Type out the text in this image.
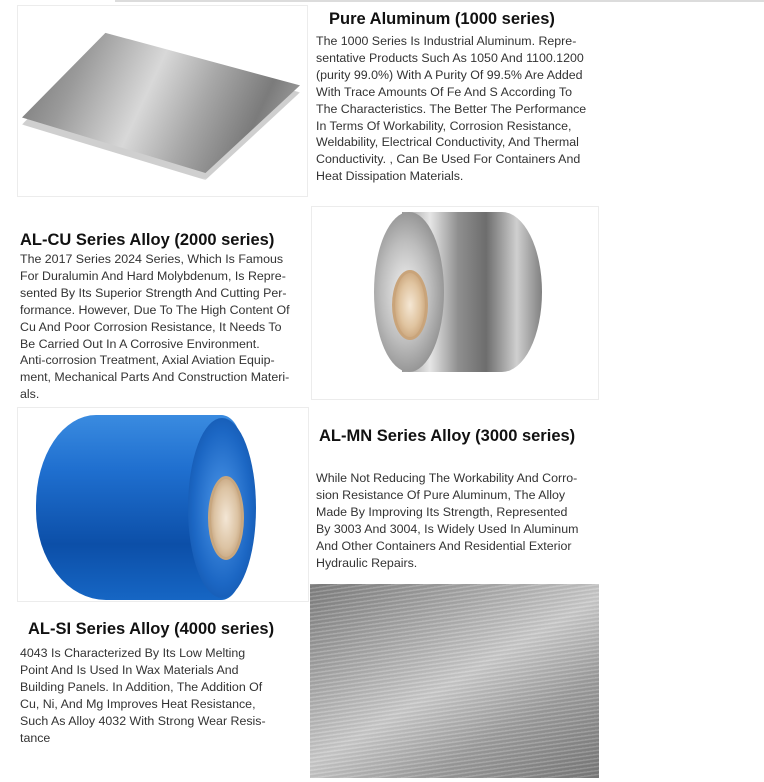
Pure Aluminum (1000 series)
The 1000 Series Is Industrial Aluminum. Repre-
sentative Products Such As 1050 And 1100.1200
(purity 99.0%) With A Purity Of 99.5% Are Added
With Trace Amounts Of Fe And S According To
The Characteristics. The Better The Performance
In Terms Of Workability, Corrosion Resistance,
Weldability, Electrical Conductivity, And Thermal
Conductivity. , Can Be Used For Containers And
Heat Dissipation Materials.
AL-CU Series Alloy (2000 series)
The 2017 Series 2024 Series, Which Is Famous
For Duralumin And Hard Molybdenum, Is Repre-
sented By Its Superior Strength And Cutting Per-
formance. However, Due To The High Content Of
Cu And Poor Corrosion Resistance, It Needs To
Be Carried Out In A Corrosive Environment.
Anti-corrosion Treatment, Axial Aviation Equip-
ment, Mechanical Parts And Construction Materi-
als.
AL-MN Series Alloy (3000 series)
While Not Reducing The Workability And Corro-
sion Resistance Of Pure Aluminum, The Alloy
Made By Improving Its Strength, Represented
By 3003 And 3004, Is Widely Used In Aluminum
And Other Containers And Residential Exterior
Hydraulic Repairs.
AL-SI Series Alloy (4000 series)
4043 Is Characterized By Its Low Melting
Point And Is Used In Wax Materials And
Building Panels. In Addition, The Addition Of
Cu, Ni, And Mg Improves Heat Resistance,
Such As Alloy 4032 With Strong Wear Resis-
tance
